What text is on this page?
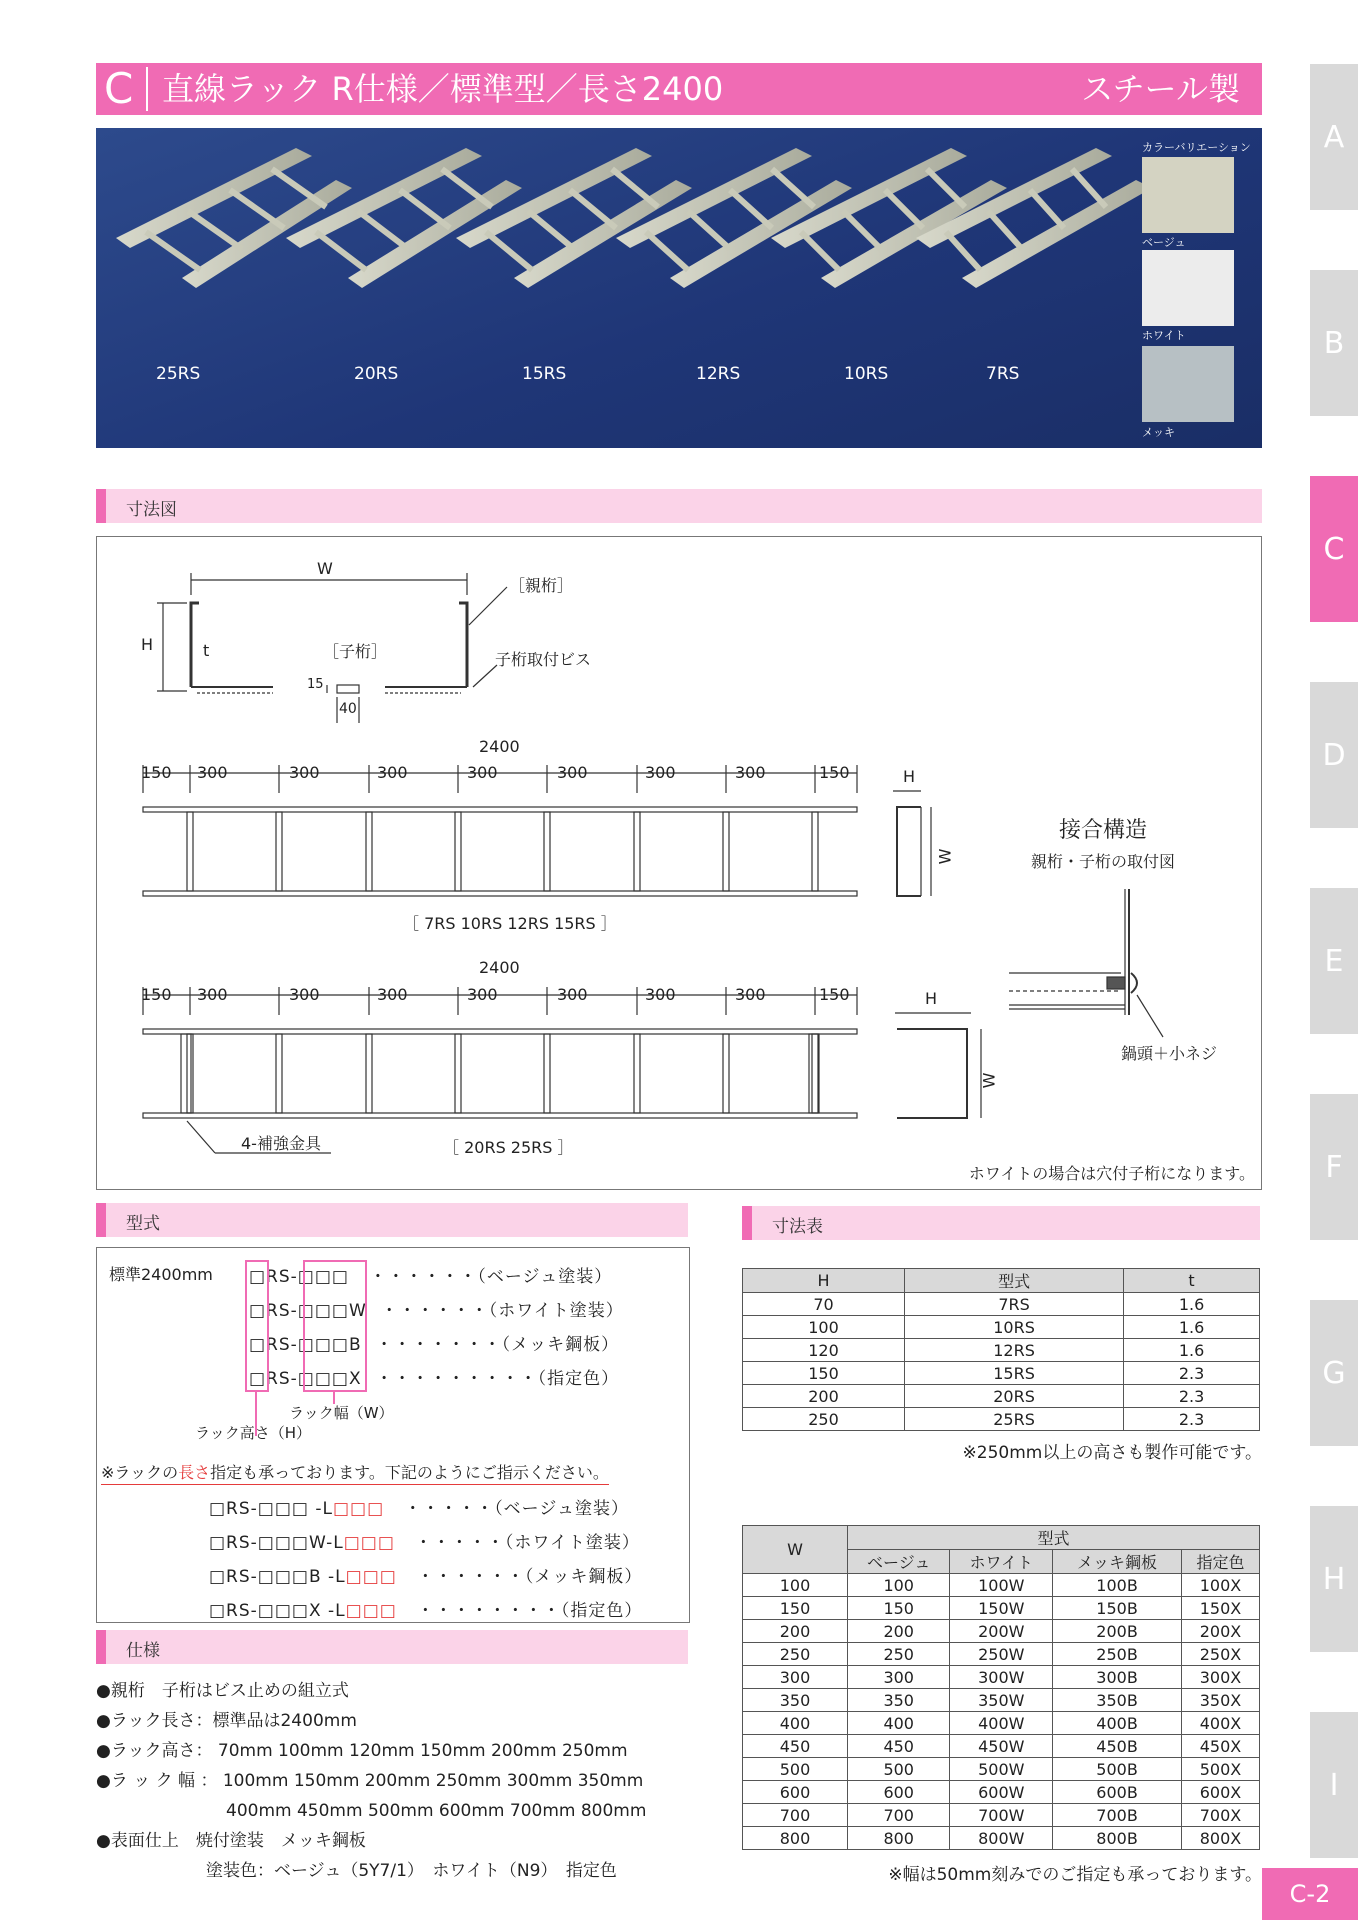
C 直線ラック R仕様／標準型／長さ2400	スチール製
25RS	20RS	15RS	12RS	10RS	7RS
カラーバリエーション
ベージュ
ホワイト
メッキ
A
B
C
D
E
F
G
H
I
C-2
寸法図
W
H	t
［親桁］
［子桁］	子桁取付ビス
15
40
2400
2400
150 300	300	300	300	300	300	300	150
150 300	300	300	300	300	300	300	150
［ 7RS 10RS 12RS 15RS ］
［ 20RS 25RS ］
4-補強金具
H
W
H
W
接合構造
親桁・子桁の取付図
鍋頭＋小ネジ
ホワイトの場合は穴付子桁になります。
型式
標準2400mm □RS-□□□ ・・・・・・（ベージュ塗装）
□RS-□□□W ・・・・・・（ホワイト塗装）
□RS-□□□B ・・・・・・・（メッキ鋼板）
□RS-□□□X ・・・・・・・・・（指定色）
ラック幅（W）
ラック高さ（H）
※ラックの長さ指定も承っております。下記のようにご指示ください。
□RS-□□□ -L□□□ ・・・・・（ベージュ塗装）
□RS-□□□W-L□□□ ・・・・・（ホワイト塗装）
□RS-□□□B -L□□□ ・・・・・・（メッキ鋼板）
□RS-□□□X -L□□□ ・・・・・・・・（指定色）
仕様
●親桁　子桁はビス止めの組立式
●ラック長さ：標準品は2400mm
●ラック高さ： 70mm 100mm 120mm 150mm 200mm 250mm
●ラ ッ ク 幅 ： 100mm 150mm 200mm 250mm 300mm 350mm
400mm 450mm 500mm 600mm 700mm 800mm
●表面仕上　焼付塗装　メッキ鋼板
塗装色：ベージュ（5Y7/1）　ホワイト（N9）　指定色
寸法表
H	型式	t
70	7RS	1.6
100	10RS	1.6
120	12RS	1.6
150	15RS	2.3
200	20RS	2.3
250	25RS	2.3
※250mm以上の高さも製作可能です。
W	型式			
	ベージュ	ホワイト	メッキ鋼板	指定色
100	100	100W	100B	100X
150	150	150W	150B	150X
200	200	200W	200B	200X
250	250	250W	250B	250X
300	300	300W	300B	300X
350	350	350W	350B	350X
400	400	400W	400B	400X
450	450	450W	450B	450X
500	500	500W	500B	500X
600	600	600W	600B	600X
700	700	700W	700B	700X
800	800	800W	800B	800X
※幅は50mm刻みでのご指定も承っております。
